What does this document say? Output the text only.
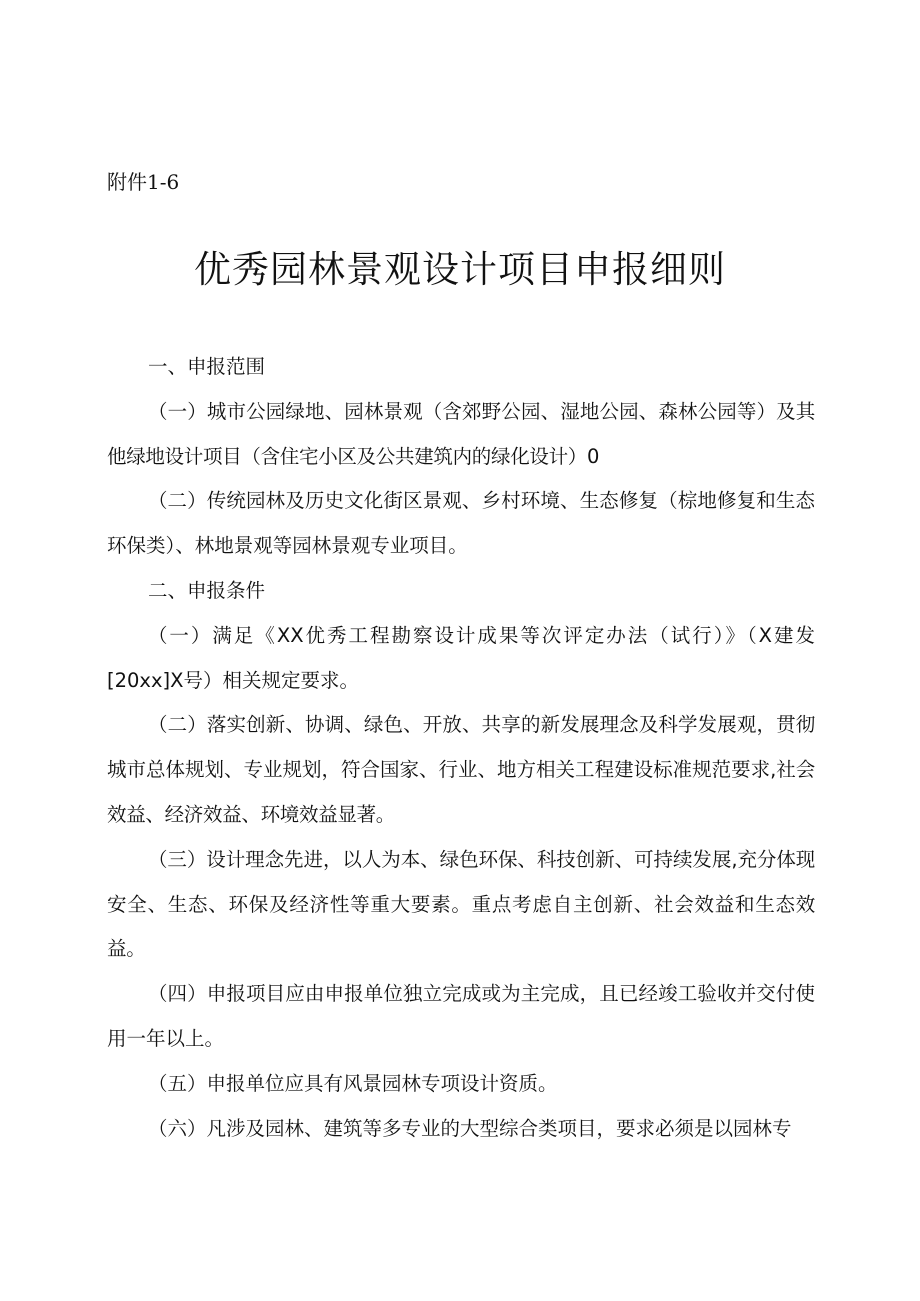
附件1-6
优秀园林景观设计项目申报细则

一、申报范围

（一）城市公园绿地、园林景观（含郊野公园、湿地公园、森林公园等）及其他绿地设计项目（含住宅小区及公共建筑内的绿化设计）0

（二）传统园林及历史文化街区景观、乡村环境、生态修复（棕地修复和生态环保类）、林地景观等园林景观专业项目。

二、申报条件

（一）满足《XX优秀工程勘察设计成果等次评定办法（试行）》（X建发[20xx]X号）相关规定要求。

（二）落实创新、协调、绿色、开放、共享的新发展理念及科学发展观，贯彻城市总体规划、专业规划，符合国家、行业、地方相关工程建设标准规范要求,社会效益、经济效益、环境效益显著。

（三）设计理念先进，以人为本、绿色环保、科技创新、可持续发展,充分体现安全、生态、环保及经济性等重大要素。重点考虑自主创新、社会效益和生态效益。

（四）申报项目应由申报单位独立完成或为主完成，且已经竣工验收并交付使用一年以上。

（五）申报单位应具有风景园林专项设计资质。

（六）凡涉及园林、建筑等多专业的大型综合类项目，要求必须是以园林专
